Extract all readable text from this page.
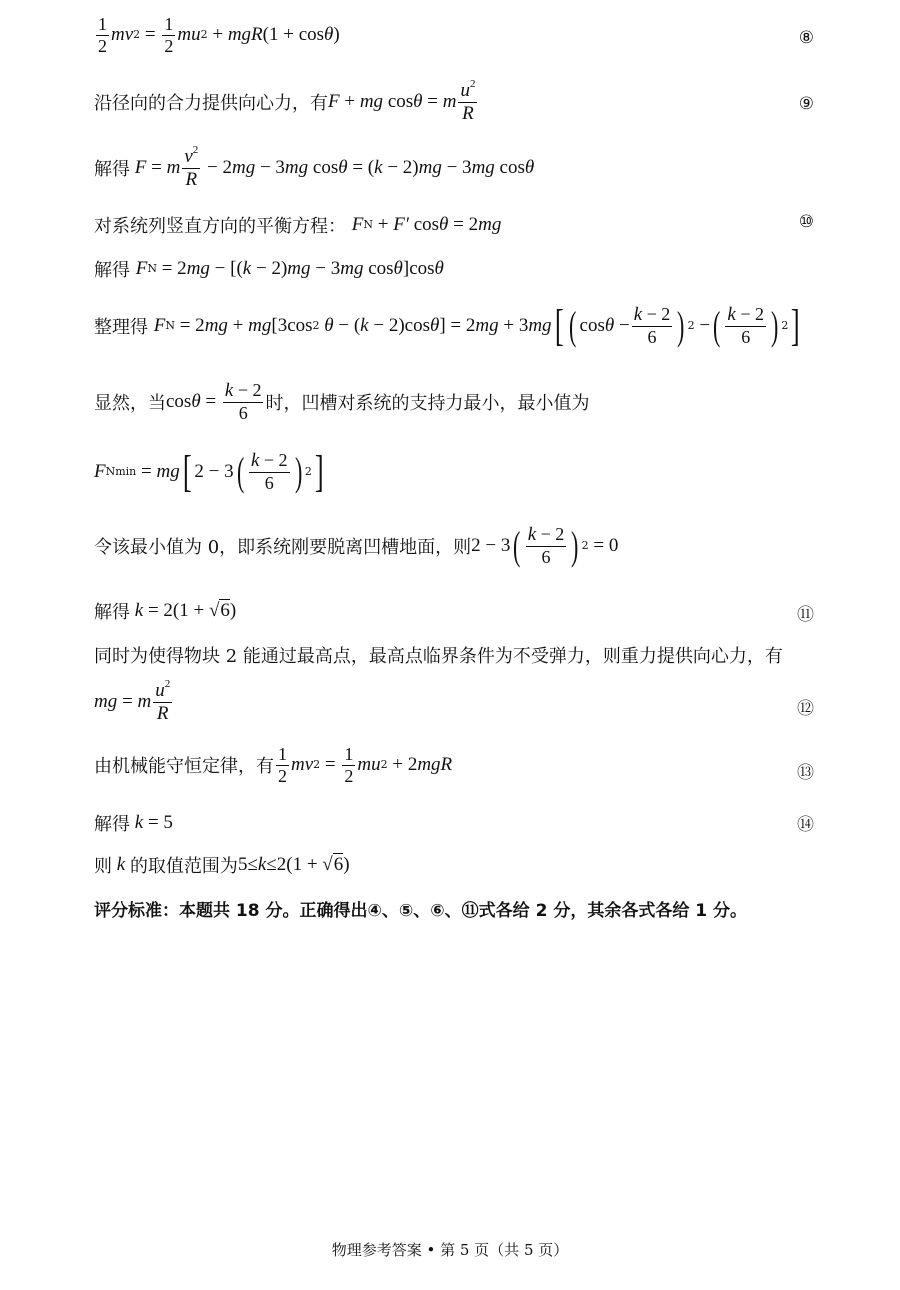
$\frac{1}{2}$ mv $2 = \frac{1}{2}$ mu 2 + mgR (1 + cos θ )	⑧
沿径向的合力提供向心力，有 F + mg cos θ = m $\frac{u^2}{R}$	⑨
解得 F = m $\frac{v^2}{R} - 2$ mg − 3 mg cos θ = ( k − 2) mg − 3 mg cos θ
对系统列竖直方向的平衡方程：
F N + F′ cos θ = 2 mg	⑩
解得
F N = 2 mg − [( k − 2) mg − 3 mg cos θ ]cos θ
整理得
F N = 2 mg + mg [3cos 2 θ − ( k − 2)cos θ ] = 2 mg + 3 mg [ ( $\cos \theta - \frac{k - 2}{6}$ ) 2 − ( $\frac{k - 2}{6}$ ) 2 ]
显然，当 $\cos \theta = \frac{k - 2}{6}$ 时，凹槽对系统的支持力最小，最小值为
F Nmin = mg [ 2 − 3 ( $\frac{k - 2}{6}$ ) 2 ]
令该最小值为 0，即系统刚要脱离凹槽地面，则 2 − 3 ( $\frac{k - 2}{6}$ ) 2 = 0
解得 k = 2(1 + √6)	⑪
同时为使得物块 2 能通过最高点，最高点临界条件为不受弹力，则重力提供向心力，有
mg = m $\frac{u^2}{R}$	⑫
由机械能守恒定律，有 $\frac{1}{2}$ mv $2 = \frac{1}{2}$ mu 2 + 2 mgR	⑬
解得 k = 5	⑭
则 k 的取值范围为 5≤ k ≤2(1 + √6)
评分标准：本题共 18 分。正确得出④、⑤、⑥、⑪式各给 2 分，其余各式各给 1 分。
物理参考答案 • 第 5 页（共 5 页）
